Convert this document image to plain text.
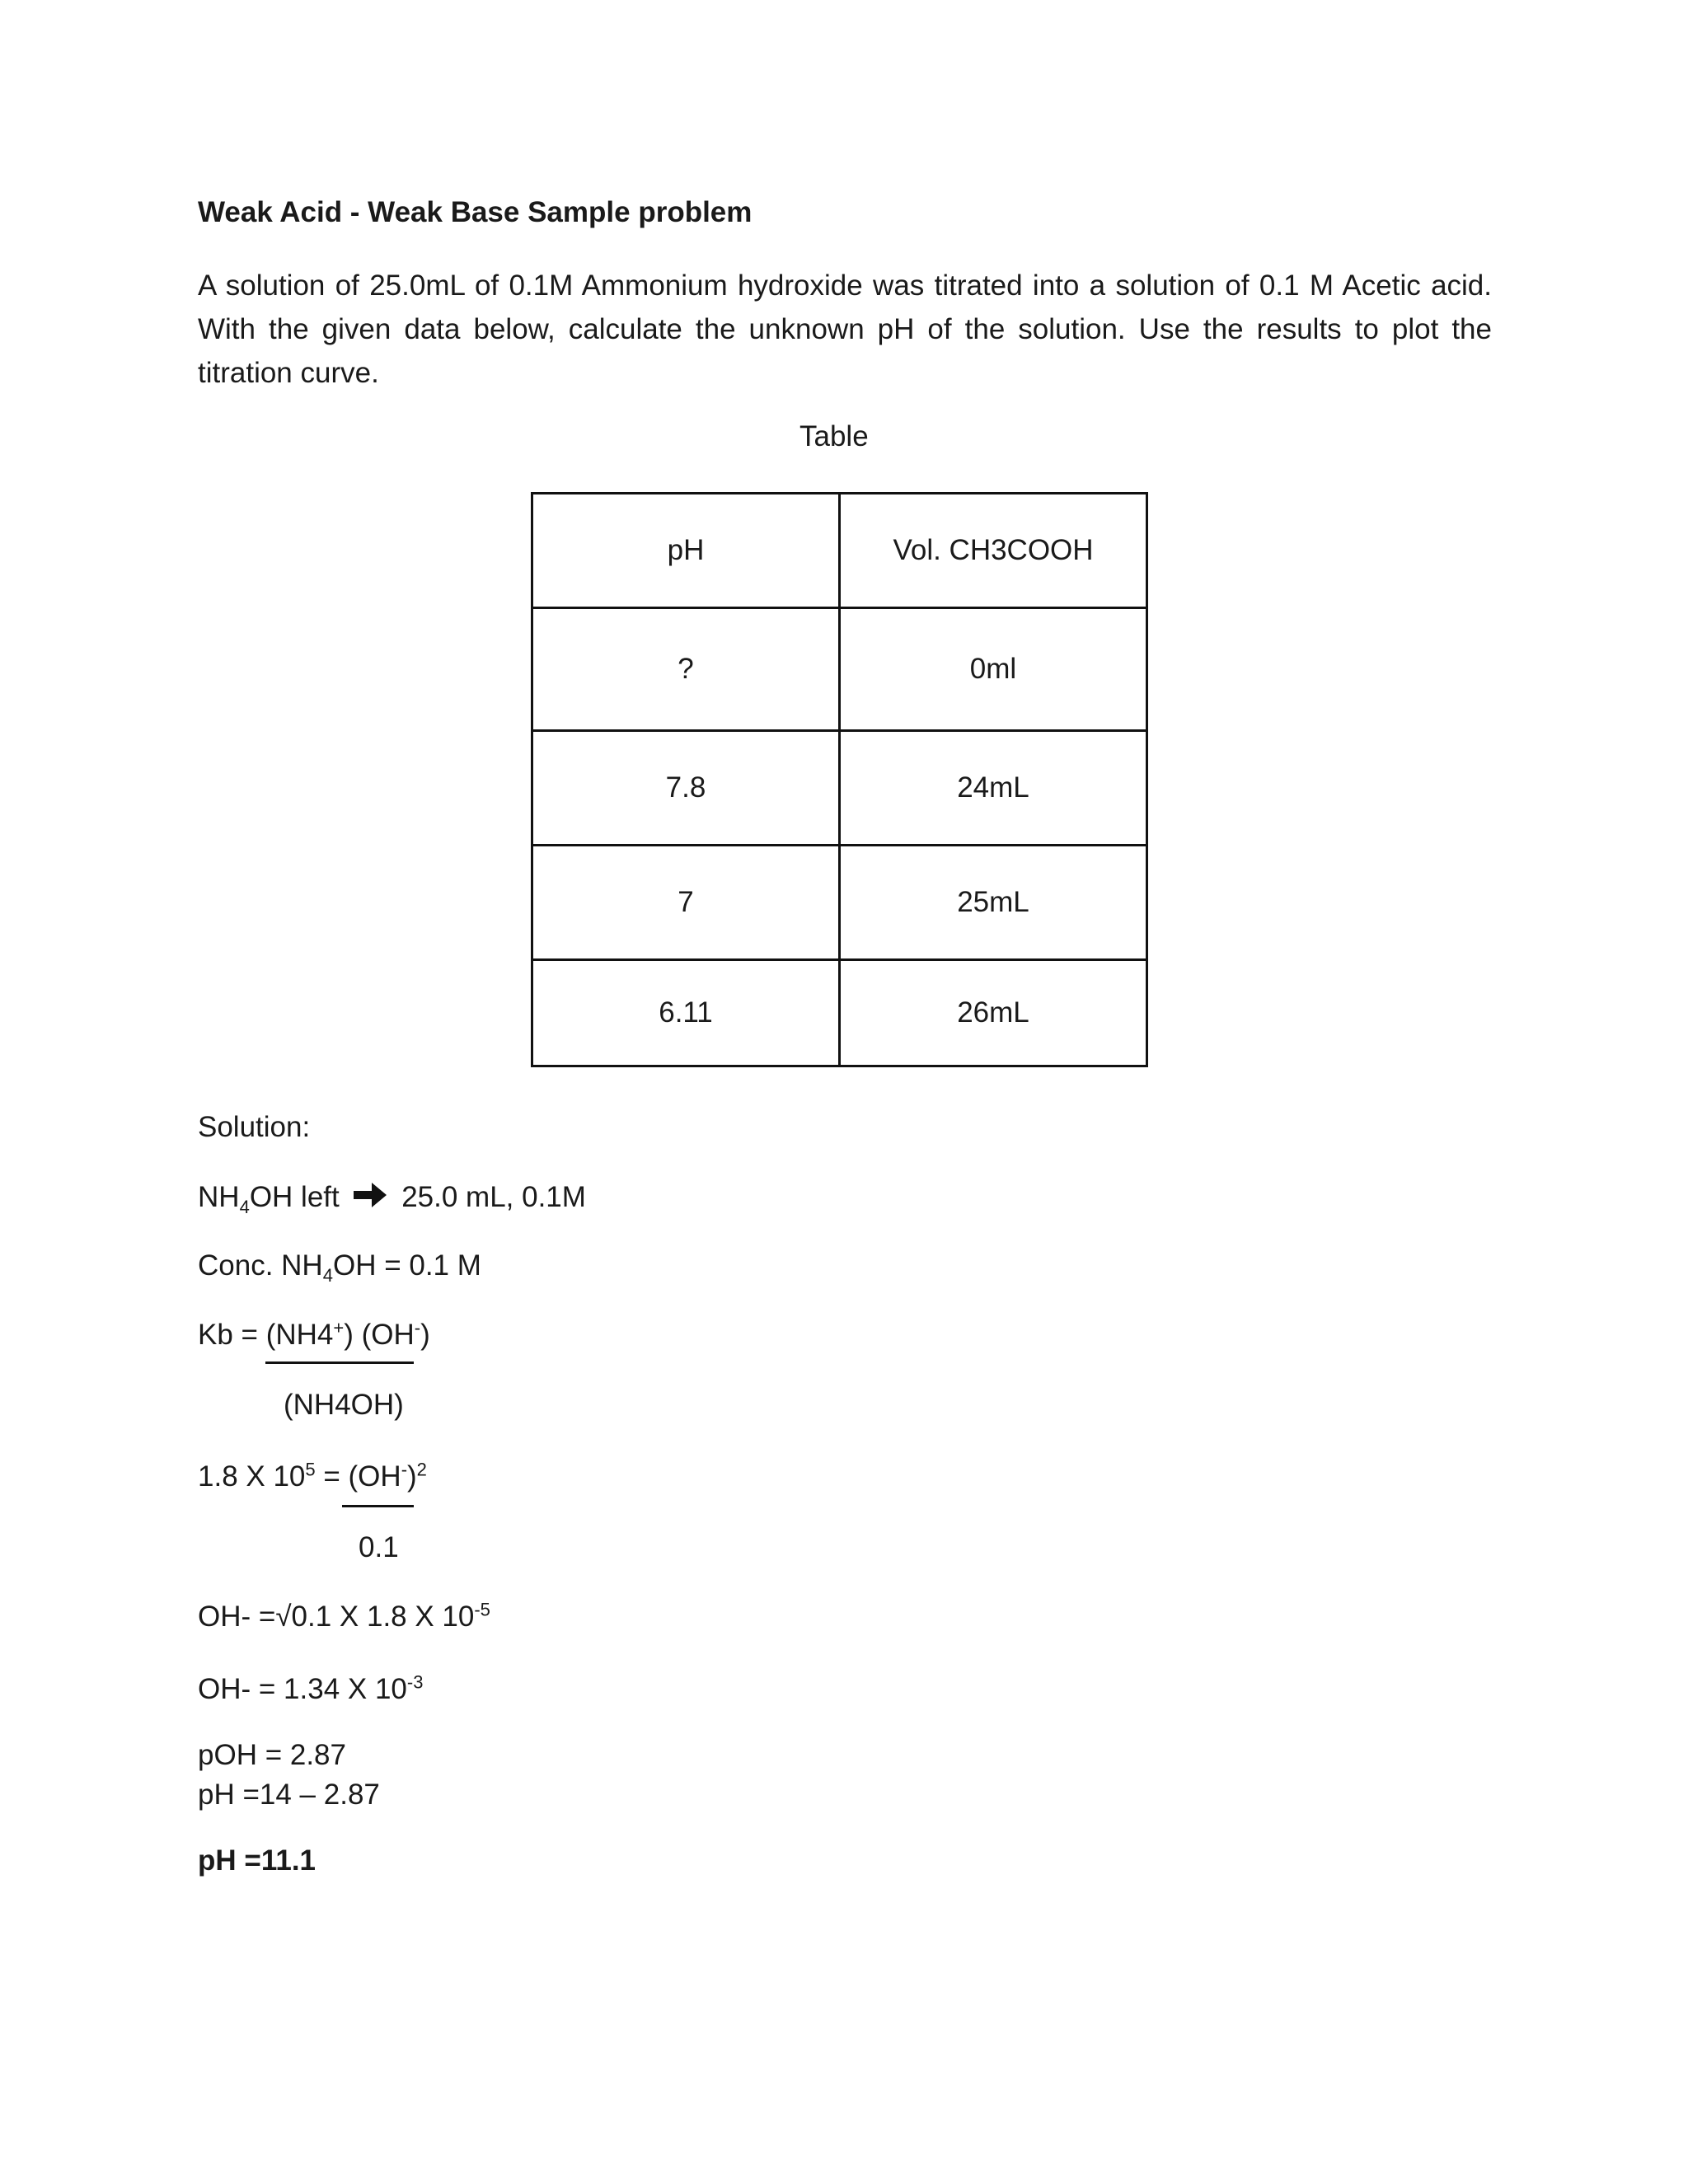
Weak Acid - Weak Base Sample problem
A solution of 25.0mL of 0.1M Ammonium hydroxide was titrated into a solution of 0.1 M Acetic acid. With the given data below, calculate the unknown pH of the solution. Use the results to plot the titration curve.
Table
pH	Vol. CH3COOH
?	0ml
7.8	24mL
7	25mL
6.11	26mL
Solution:
$NH_4OH$ left 25.0 mL, 0.1M
Conc. $NH_4OH = 0.1$ M
Kb = (NH4+) (OH-)
(NH4OH)
1.8 X $10^5 = (OH^-)^2$
0.1
OH- =√0.1 X 1.8 X $10^{-5}$
OH- = 1.34 X $10^{-3}$
pOH = 2.87
pH =14 – 2.87
pH =11.1
